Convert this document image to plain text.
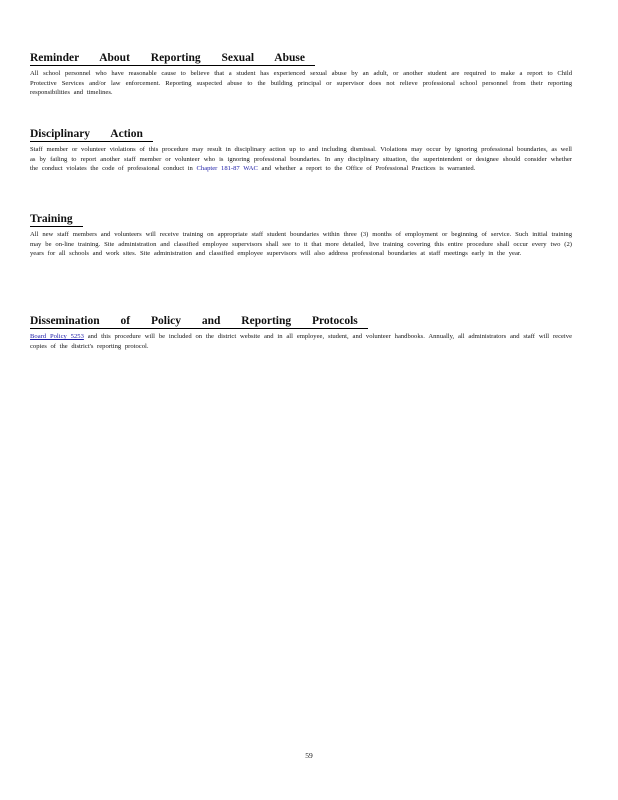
Reminder About Reporting Sexual Abuse

All school personnel who have reasonable cause to believe that a student has experienced sexual abuse by an adult, or another student are required to make a report to Child Protective Services and/or law enforcement. Reporting suspected abuse to the building principal or supervisor does not relieve professional school personnel from their reporting responsibilities and timelines.

Disciplinary Action

Staff member or volunteer violations of this procedure may result in disciplinary action up to and including dismissal. Violations may occur by ignoring professional boundaries, as well as by failing to report another staff member or volunteer who is ignoring professional boundaries. In any disciplinary situation, the superintendent or designee should consider whether the conduct violates the code of professional conduct in Chapter 181-87 WAC and whether a report to the Office of Professional Practices is warranted.

Training

All new staff members and volunteers will receive training on appropriate staff student boundaries within three (3) months of employment or beginning of service. Such initial training may be on-line training. Site administration and classified employee supervisors shall see to it that more detailed, live training covering this entire procedure shall occur every two (2) years for all schools and work sites. Site administration and classified employee supervisors will also address professional boundaries at staff meetings early in the year.

Dissemination of Policy and Reporting Protocols

Board Policy 5253 and this procedure will be included on the district website and in all employee, student, and volunteer handbooks. Annually, all administrators and staff will receive copies of the district's reporting protocol.

59
